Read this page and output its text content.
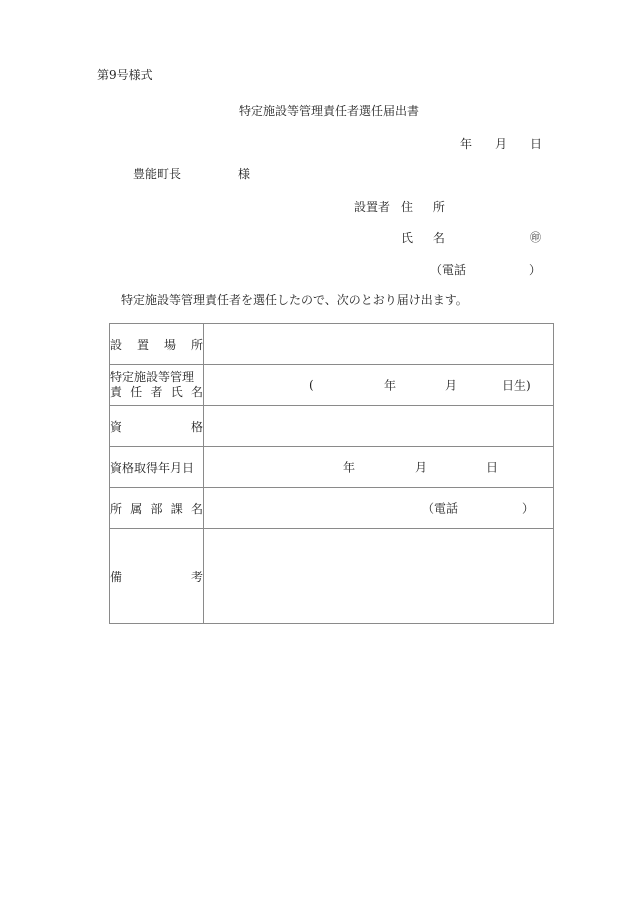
第9号様式
特定施設等管理責任者選任届出書
年 月 日
豊能町長	様
設置者 住 所
氏 名	㊞
（電話	）
特定施設等管理責任者を選任したので、次のとおり届け出ます。
設 置 場 所	

特定施設等管理
責 任 者 氏 名	(	年	月	日生)

資 格	

資格取得年月日	年 月 日

所 属 部 課 名	（電話 ）

備 考	
